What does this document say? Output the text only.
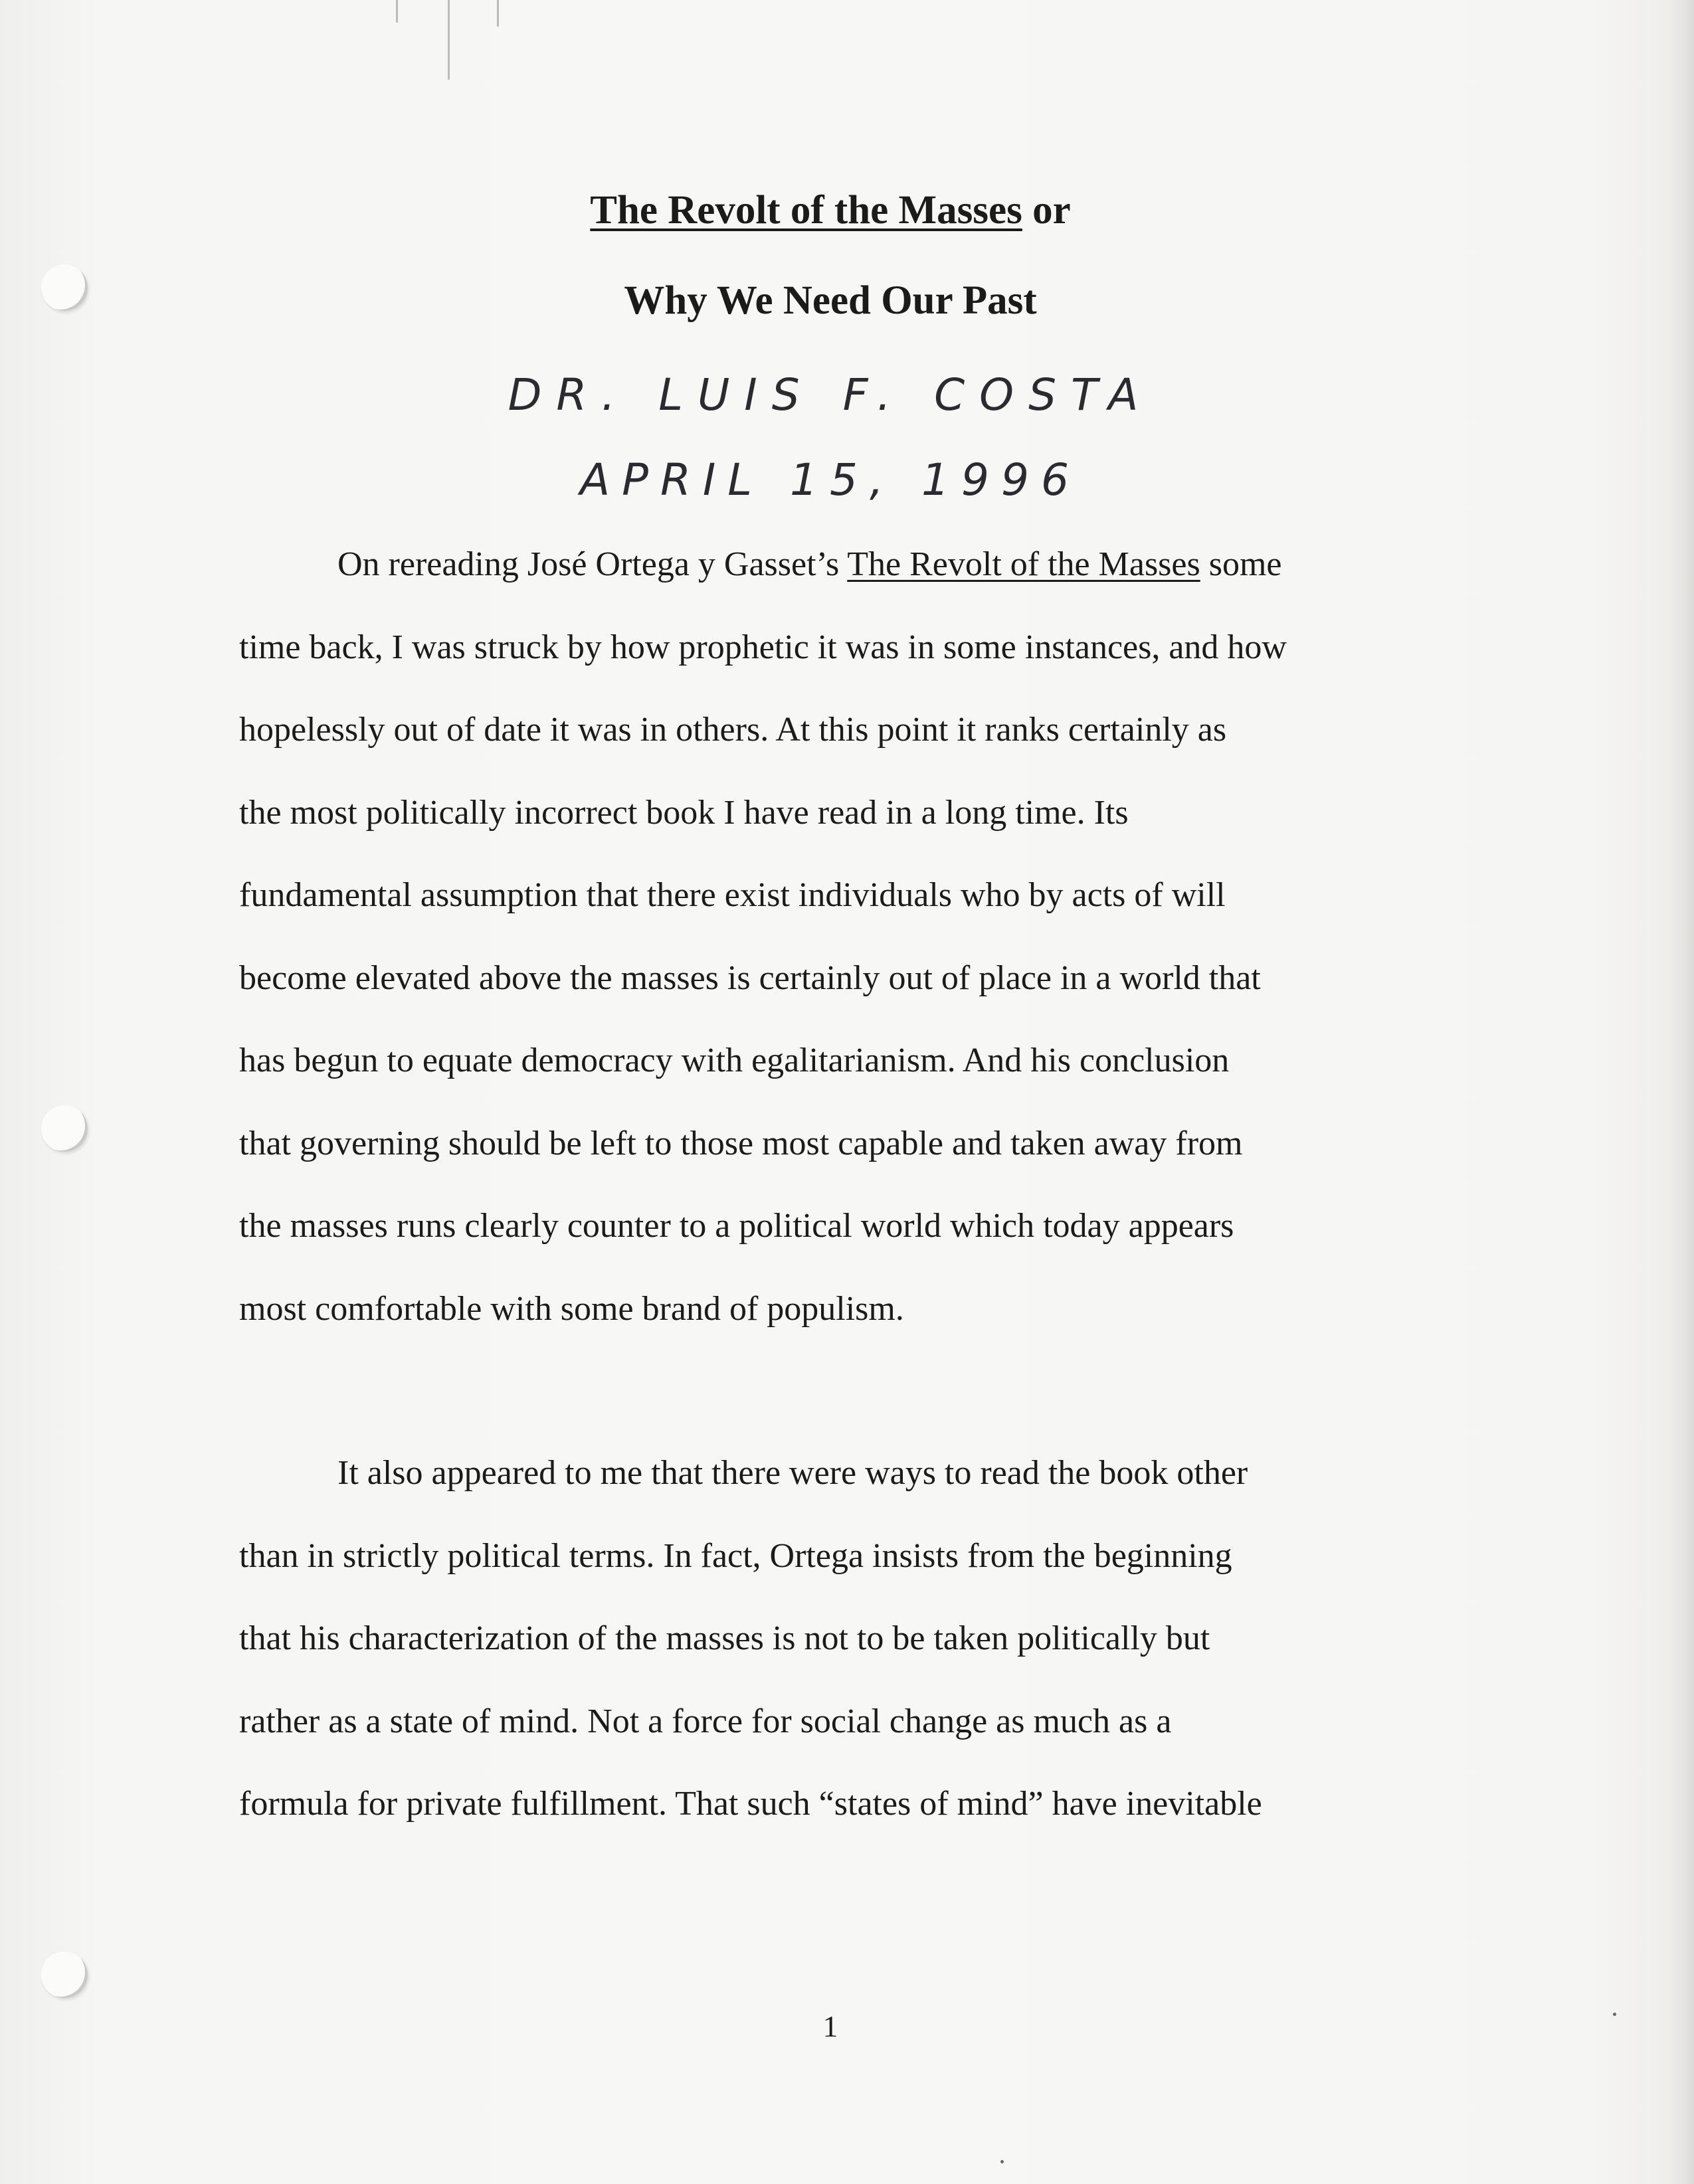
The Revolt of the Masses or
Why We Need Our Past
DR. LUIS F. COSTA
APRIL 15, 1996
On rereading José Ortega y Gasset’s The Revolt of the Masses some
time back, I was struck by how prophetic it was in some instances, and how
hopelessly out of date it was in others. At this point it ranks certainly as
the most politically incorrect book I have read in a long time. Its
fundamental assumption that there exist individuals who by acts of will
become elevated above the masses is certainly out of place in a world that
has begun to equate democracy with egalitarianism. And his conclusion
that governing should be left to those most capable and taken away from
the masses runs clearly counter to a political world which today appears
most comfortable with some brand of populism.
It also appeared to me that there were ways to read the book other
than in strictly political terms. In fact, Ortega insists from the beginning
that his characterization of the masses is not to be taken politically but
rather as a state of mind. Not a force for social change as much as a
formula for private fulfillment. That such “states of mind” have inevitable
1
